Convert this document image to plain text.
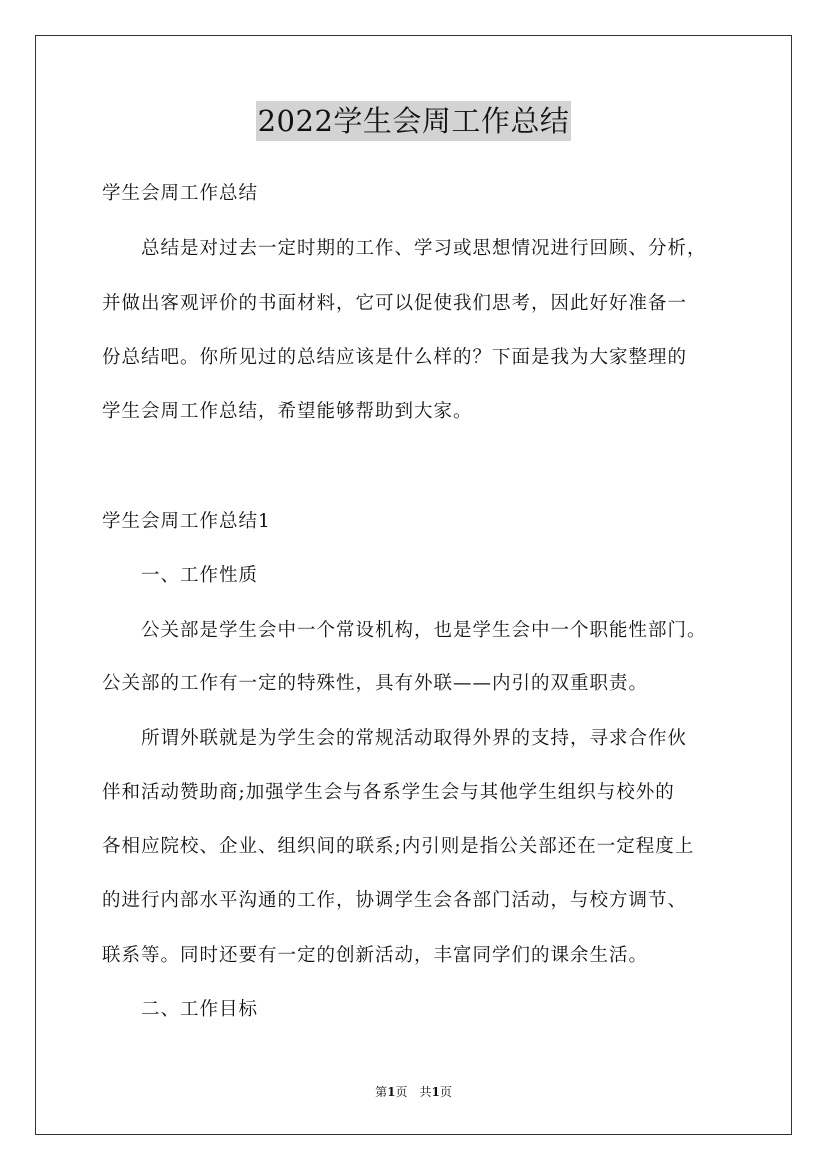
2022学生会周工作总结
学生会周工作总结
　　总结是对过去一定时期的工作、学习或思想情况进行回顾、分析，
并做出客观评价的书面材料，它可以促使我们思考，因此好好准备一
份总结吧。你所见过的总结应该是什么样的？下面是我为大家整理的
学生会周工作总结，希望能够帮助到大家。
学生会周工作总结1
　　一、工作性质
　　公关部是学生会中一个常设机构，也是学生会中一个职能性部门。
公关部的工作有一定的特殊性，具有外联——内引的双重职责。
　　所谓外联就是为学生会的常规活动取得外界的支持，寻求合作伙
伴和活动赞助商;加强学生会与各系学生会与其他学生组织与校外的
各相应院校、企业、组织间的联系;内引则是指公关部还在一定程度上
的进行内部水平沟通的工作，协调学生会各部门活动，与校方调节、
联系等。同时还要有一定的创新活动，丰富同学们的课余生活。
　　二、工作目标
第1页　共1页
